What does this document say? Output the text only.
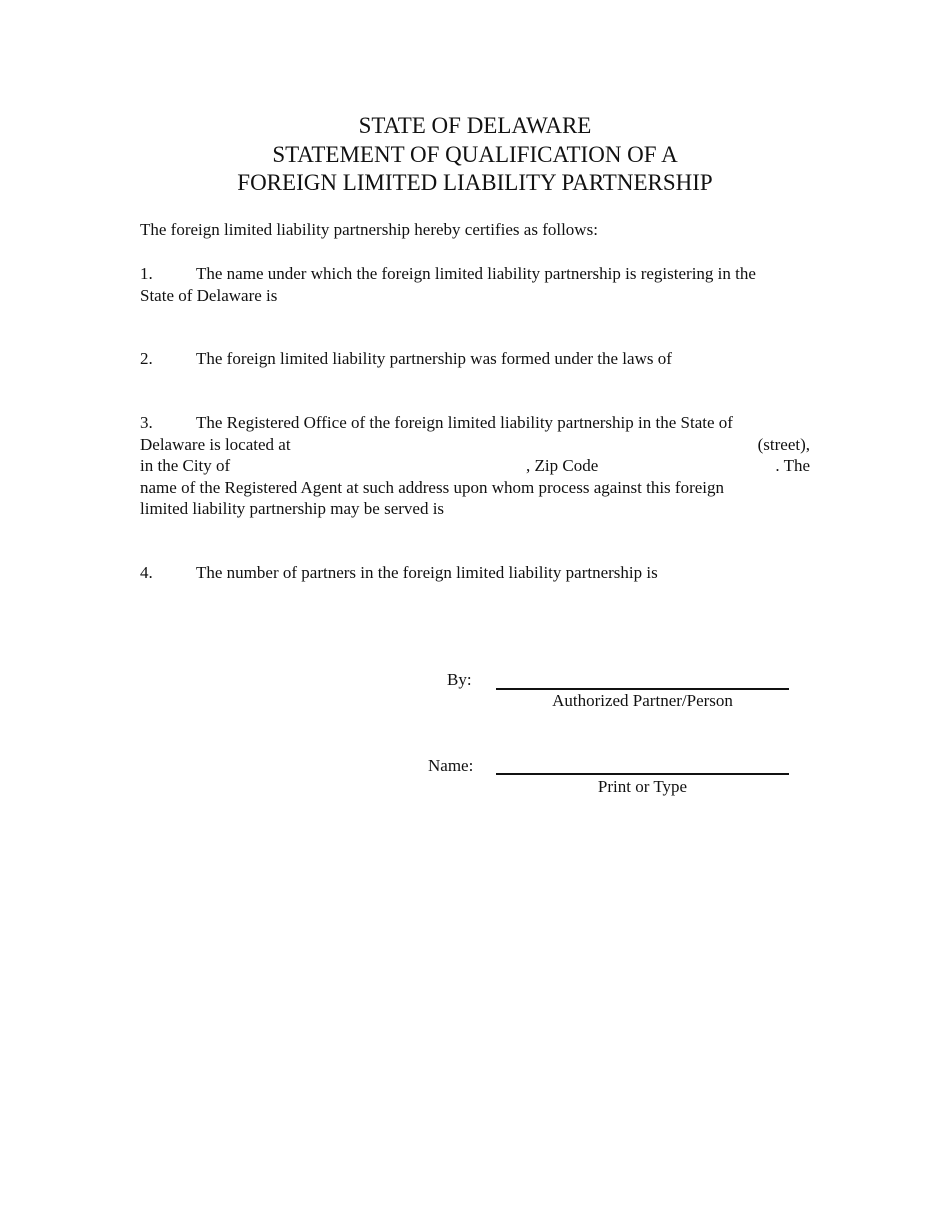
STATE OF DELAWARE
STATEMENT OF QUALIFICATION OF A
FOREIGN LIMITED LIABILITY PARTNERSHIP
The foreign limited liability partnership hereby certifies as follows:
1.	The name under which the foreign limited liability partnership is registering in the
State of Delaware is
2.	The foreign limited liability partnership was formed under the laws of
3.	The Registered Office of the foreign limited liability partnership in the State of
Delaware is located at	(street),
in the City of	, Zip Code	. The
name of the Registered Agent at such address upon whom process against this foreign
limited liability partnership may be served is
4.	The number of partners in the foreign limited liability partnership is
By:
Authorized Partner/Person
Name:
Print or Type
